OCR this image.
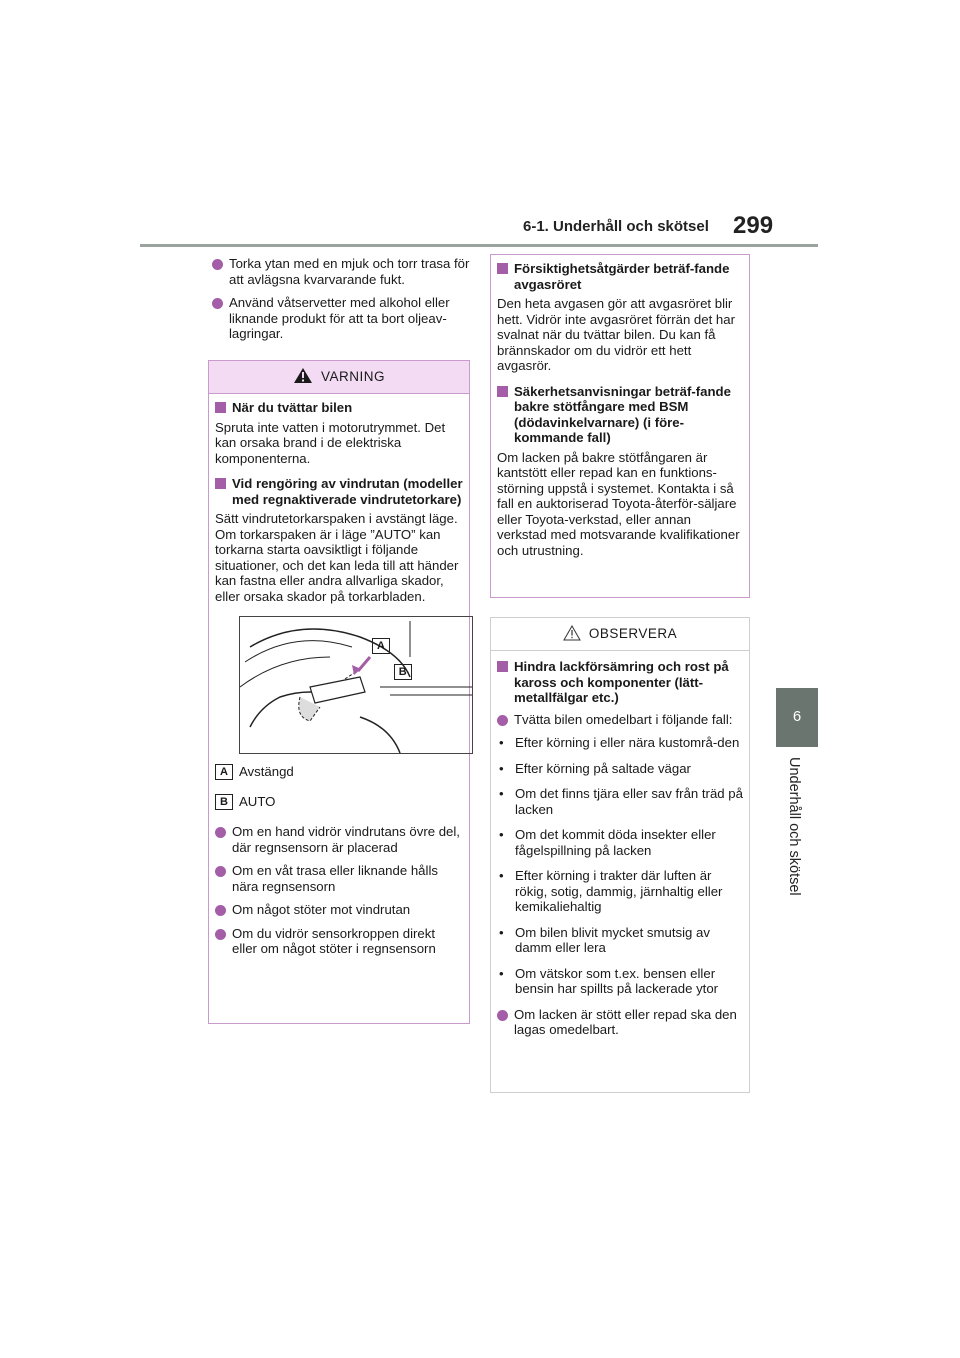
6-1. Underhåll och skötsel 299
6
Underhåll och skötsel
Torka ytan med en mjuk och torr trasa för att avlägsna kvarvarande fukt.
Använd våtservetter med alkohol eller liknande produkt för att ta bort oljeav-lagringar.
VARNING
När du tvättar bilen
Spruta inte vatten i motorutrymmet. Det kan orsaka brand i de elektriska komponenterna.
Vid rengöring av vindrutan (modeller med regnaktiverade vindrutetorkare)
Sätt vindrutetorkarspaken i avstängt läge. Om torkarspaken är i läge ”AUTO” kan torkarna starta oavsiktligt i följande situationer, och det kan leda till att händer kan fastna eller andra allvarliga skador, eller orsaka skador på torkarbladen.
A B
A Avstängd
B AUTO
Om en hand vidrör vindrutans övre del, där regnsensorn är placerad
Om en våt trasa eller liknande hålls nära regnsensorn
Om något stöter mot vindrutan
Om du vidrör sensorkroppen direkt eller om något stöter i regnsensorn
Försiktighetsåtgärder beträf-fande avgasröret
Den heta avgasen gör att avgasröret blir hett. Vidrör inte avgasröret förrän det har svalnat när du tvättar bilen. Du kan få brännskador om du vidrör ett hett avgasrör.
Säkerhetsanvisningar beträf-fande bakre stötfångare med BSM (dödavinkelvarnare) (i före-kommande fall)
Om lacken på bakre stötfångaren är kantstött eller repad kan en funktions-störning uppstå i systemet. Kontakta i så fall en auktoriserad Toyota-återför-säljare eller Toyota-verkstad, eller annan verkstad med motsvarande kvalifikationer och utrustning.
OBSERVERA
Hindra lackförsämring och rost på kaross och komponenter (lätt-metallfälgar etc.)
Tvätta bilen omedelbart i följande fall:
• Efter körning i eller nära kustområ-den
• Efter körning på saltade vägar
• Om det finns tjära eller sav från träd på lacken
• Om det kommit döda insekter eller fågelspillning på lacken
• Efter körning i trakter där luften är rökig, sotig, dammig, järnhaltig eller kemikaliehaltig
• Om bilen blivit mycket smutsig av damm eller lera
• Om vätskor som t.ex. bensen eller bensin har spillts på lackerade ytor
Om lacken är stött eller repad ska den lagas omedelbart.
